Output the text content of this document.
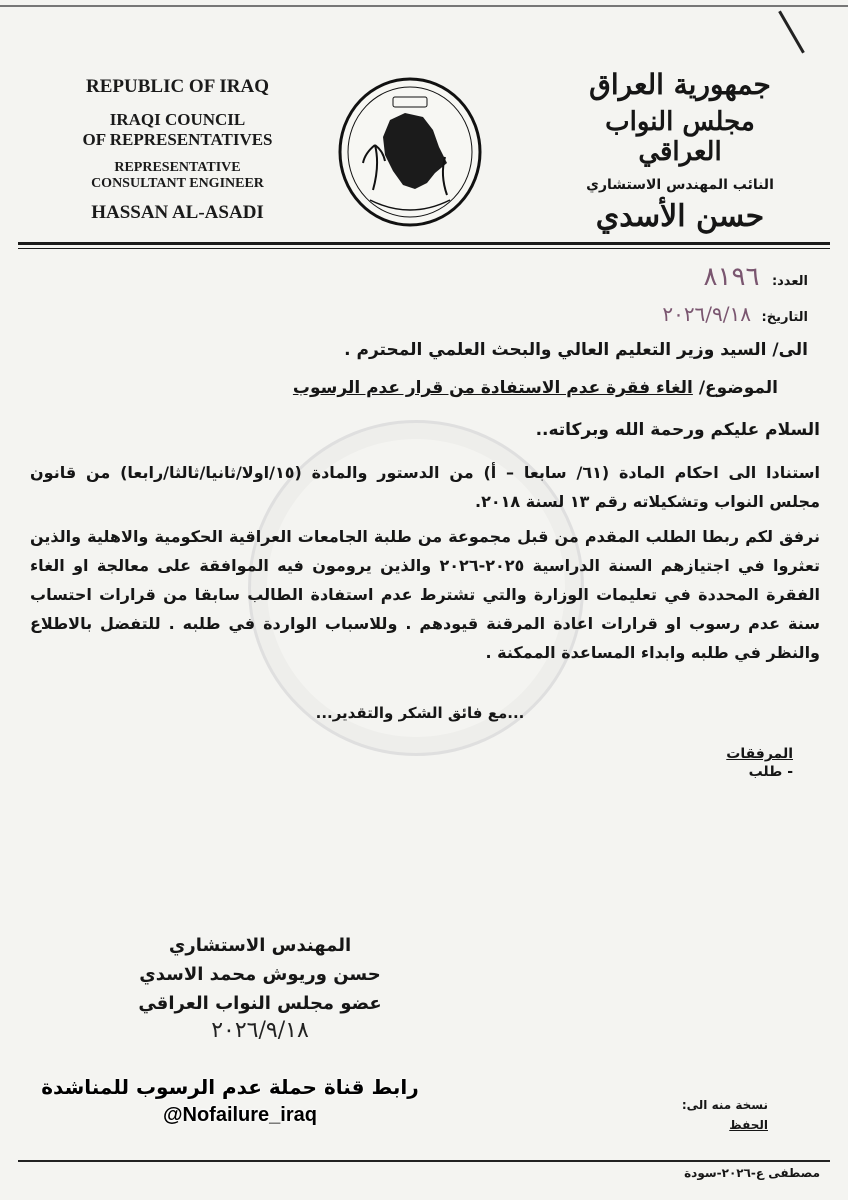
REPUBLIC OF IRAQ
IRAQI COUNCIL
OF REPRESENTATIVES
REPRESENTATIVE
CONSULTANT ENGINEER
HASSAN AL-ASADI
جمهورية العراق
مجلس النواب العراقي
النائب المهندس الاستشاري
حسن الأسدي
العدد: ٨١٩٦
التاريخ: ٢٠٢٦/٩/١٨
الى/ السيد وزير التعليم العالي والبحث العلمي المحترم .
الموضوع/ الغاء فقرة عدم الاستفادة من قرار عدم الرسوب
السلام عليكم ورحمة الله وبركاته..
استنادا الى احكام المادة (٦١/ سابعا – أ) من الدستور والمادة (١٥/اولا/ثانيا/ثالثا/رابعا) من قانون مجلس النواب وتشكيلاته رقم ١٣ لسنة ٢٠١٨.
نرفق لكم ربطا الطلب المقدم من قبل مجموعة من طلبة الجامعات العراقية الحكومية والاهلية والذين تعثروا في اجتيازهم السنة الدراسية ٢٠٢٥-٢٠٢٦ والذين يرومون فيه الموافقة على معالجة او الغاء الفقرة المحددة في تعليمات الوزارة والتي تشترط عدم استفادة الطالب سابقا من قرارات احتساب سنة عدم رسوب او قرارات اعادة المرقنة قيودهم . وللاسباب الواردة في طلبه . للتفضل بالاطلاع والنظر في طلبه وابداء المساعدة الممكنة .
...مع فائق الشكر والتقدير...
المرفقات
- طلب
المهندس الاستشاري
حسن وريوش محمد الاسدي
عضو مجلس النواب العراقي
٢٠٢٦/٩/١٨
رابط قناة حملة عدم الرسوب للمناشدة
@Nofailure_iraq	نسخة منه الى:
الحفظ
مصطفى ع-٢٠٢٦-سودة
